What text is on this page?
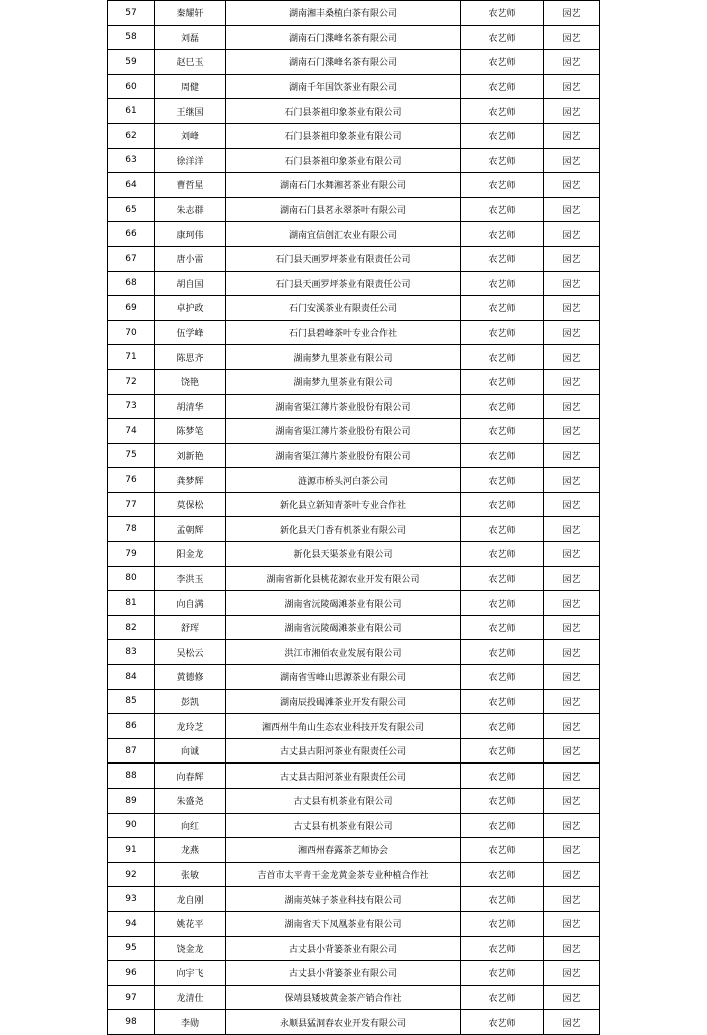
57	秦耀轩	湖南湘丰桑植白茶有限公司	农艺师	园艺
58	刘磊	湖南石门渫峰名茶有限公司	农艺师	园艺
59	赵巳玉	湖南石门渫峰名茶有限公司	农艺师	园艺
60	周健	湖南千年国饮茶业有限公司	农艺师	园艺
61	王继国	石门县茶祖印象茶业有限公司	农艺师	园艺
62	刘峰	石门县茶祖印象茶业有限公司	农艺师	园艺
63	徐洋洋	石门县茶祖印象茶业有限公司	农艺师	园艺
64	曹哲星	湖南石门水舞湘茗茶业有限公司	农艺师	园艺
65	朱志群	湖南石门县茗永翠茶叶有限公司	农艺师	园艺
66	康珂伟	湖南宜信创汇农业有限公司	农艺师	园艺
67	唐小雷	石门县天画罗坪茶业有限责任公司	农艺师	园艺
68	胡自国	石门县天画罗坪茶业有限责任公司	农艺师	园艺
69	卓护政	石门安溪茶业有限责任公司	农艺师	园艺
70	伍学峰	石门县碧峰茶叶专业合作社	农艺师	园艺
71	陈思齐	湖南梦九里茶业有限公司	农艺师	园艺
72	饶艳	湖南梦九里茶业有限公司	农艺师	园艺
73	胡清华	湖南省渠江薄片茶业股份有限公司	农艺师	园艺
74	陈梦笔	湖南省渠江薄片茶业股份有限公司	农艺师	园艺
75	刘新艳	湖南省渠江薄片茶业股份有限公司	农艺师	园艺
76	龚梦辉	涟源市桥头河白茶公司	农艺师	园艺
77	莫保松	新化县立新知青茶叶专业合作社	农艺师	园艺
78	孟朝辉	新化县天门香有机茶业有限公司	农艺师	园艺
79	阳金龙	新化县天渠茶业有限公司	农艺师	园艺
80	李洪玉	湖南省新化县桃花源农业开发有限公司	农艺师	园艺
81	向自满	湖南省沅陵碣滩茶业有限公司	农艺师	园艺
82	舒珲	湖南省沅陵碣滩茶业有限公司	农艺师	园艺
83	吴松云	洪江市湘佰农业发展有限公司	农艺师	园艺
84	黄德修	湖南省雪峰山思源茶业有限公司	农艺师	园艺
85	彭凯	湖南辰投碣滩茶业开发有限公司	农艺师	园艺
86	龙玲芝	湘西州牛角山生态农业科技开发有限公司	农艺师	园艺
87	向诚	古丈县古阳河茶业有限责任公司	农艺师	园艺
88	向春辉	古丈县古阳河茶业有限责任公司	农艺师	园艺
89	朱盛尧	古丈县有机茶业有限公司	农艺师	园艺
90	向红	古丈县有机茶业有限公司	农艺师	园艺
91	龙燕	湘西州春露茶艺师协会	农艺师	园艺
92	张敏	吉首市太平青干金龙黄金茶专业种植合作社	农艺师	园艺
93	龙自刚	湖南英妹子茶业科技有限公司	农艺师	园艺
94	姚花平	湖南省天下凤凰茶业有限公司	农艺师	园艺
95	饶金龙	古丈县小背篓茶业有限公司	农艺师	园艺
96	向宇飞	古丈县小背篓茶业有限公司	农艺师	园艺
97	龙清仕	保靖县矮坡黄金茶产销合作社	农艺师	园艺
98	李勋	永顺县猛洞春农业开发有限公司	农艺师	园艺
